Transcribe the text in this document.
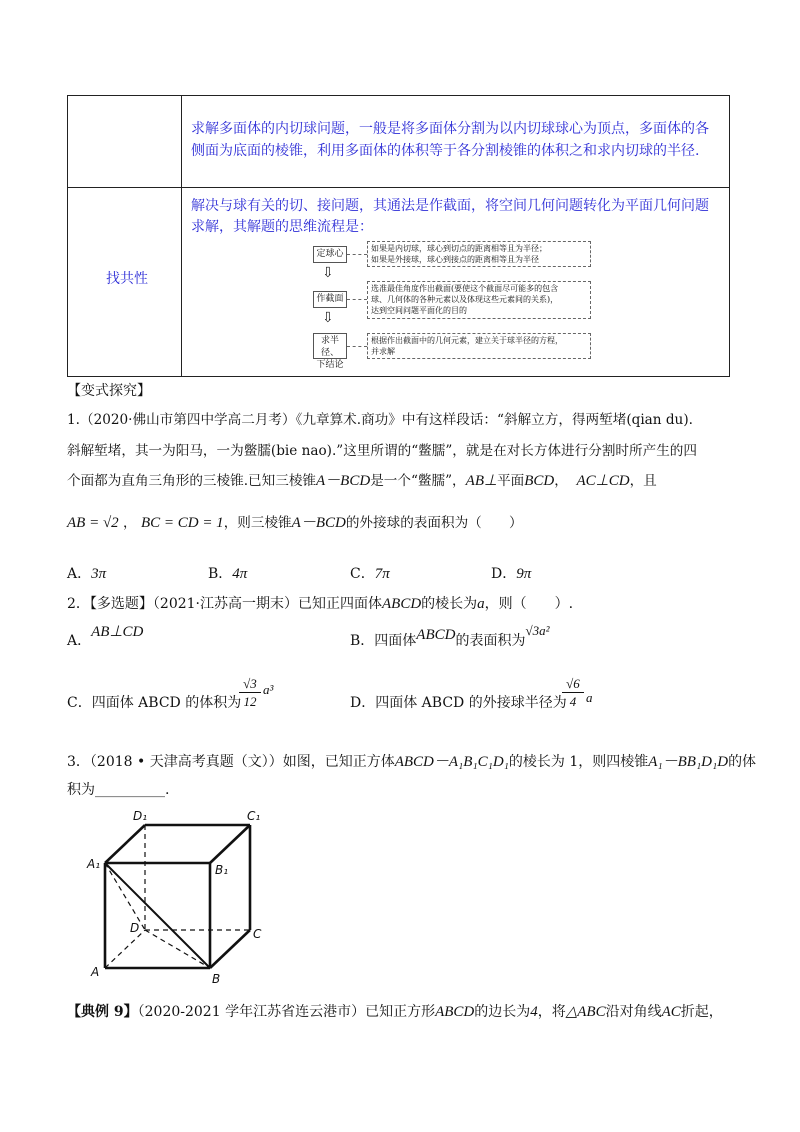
求解多面体的内切球问题，一般是将多面体分割为以内切球球心为顶点，多面体的各
侧面为底面的棱锥，利用多面体的体积等于各分割棱锥的体积之和求内切球的半径.
找共性
解决与球有关的切、接问题，其通法是作截面，将空间几何问题转化为平面几何问题
求解，其解题的思维流程是：
定球心
如果是内切球，球心到切点的距离相等且为半径；
如果是外接球，球心到接点的距离相等且为半径
⇩
作截面
选准最佳角度作出截面(要使这个截面尽可能多的包含
球、几何体的各种元素以及体现这些元素间的关系)，
达到空间问题平面化的目的
⇩
求半径、
下结论
根据作出截面中的几何元素，建立关于球半径的方程，
并求解
【变式探究】
1.（2020·佛山市第四中学高二月考）《九章算术.商功》中有这样段话：“斜解立方，得两堑堵(qian du).
斜解堑堵，其一为阳马，一为鳖臑(bie nao).”这里所谓的“鳖臑”，就是在对长方体进行分割时所产生的四
个面都为直角三角形的三棱锥.已知三棱锥A－BCD是一个“鳖臑”，AB⊥平面BCD， AC⊥CD，且
AB = √2 ， BC = CD = 1，则三棱锥A－BCD的外接球的表面积为（　　）
A．3π	B．4π	C．7π	D．9π
2．【多选题】（2021·江苏高一期末）已知正四面体ABCD的棱长为a，则（　　）.
A．AB⊥CD
B．四面体ABCD的表面积为√3a²
C．四面体 ABCD 的体积为
√3
12
a³
D．四面体 ABCD 的外接球半径为
√6
4 a
3．（2018 • 天津高考真题（文））如图，已知正方体ABCD－A₁B₁C₁D₁的棱长为 1，则四棱锥A₁－BB₁D₁D的体
积为__________.
D₁	C₁
A₁	B₁
D	C
A	B
【典例 9】（2020-2021 学年江苏省连云港市）已知正方形ABCD的边长为4，将△ABC沿对角线AC折起，
